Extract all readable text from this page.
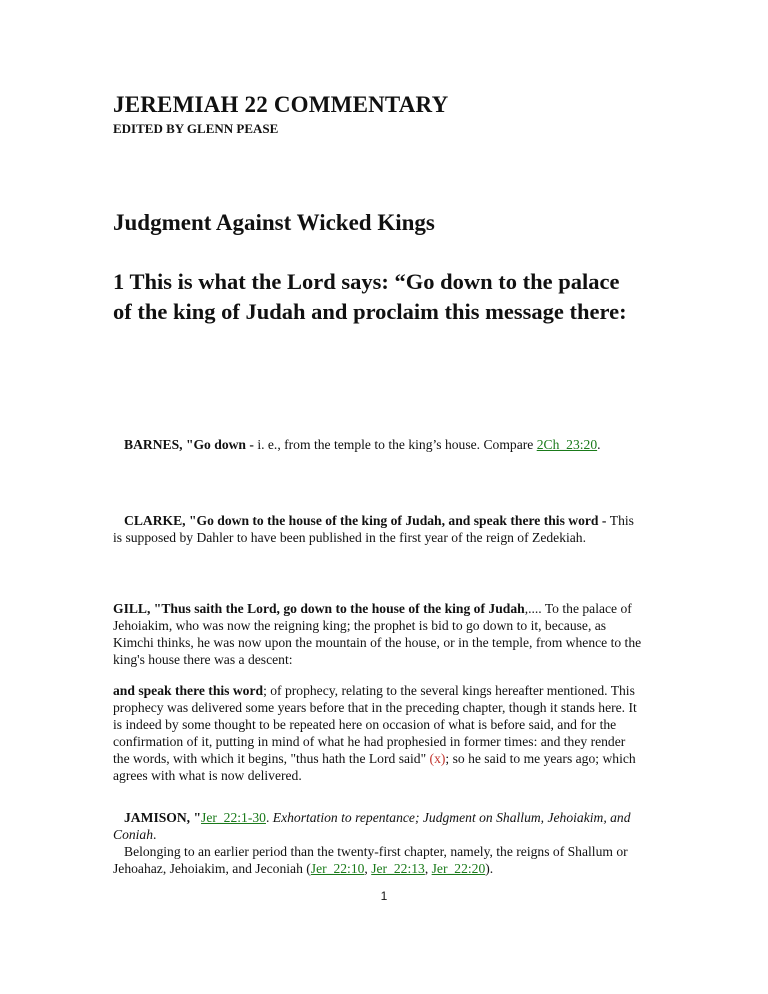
JEREMIAH 22 COMMENTARY
EDITED BY GLENN PEASE
Judgment Against Wicked Kings
1 This is what the Lord says: “Go down to the palace of the king of Judah and proclaim this message there:
BARNES, "Go down - i. e., from the temple to the king’s house. Compare 2Ch_23:20.
CLARKE, "Go down to the house of the king of Judah, and speak there this word - This is supposed by Dahler to have been published in the first year of the reign of Zedekiah.
GILL, "Thus saith the Lord, go down to the house of the king of Judah,.... To the palace of Jehoiakim, who was now the reigning king; the prophet is bid to go down to it, because, as Kimchi thinks, he was now upon the mountain of the house, or in the temple, from whence to the king's house there was a descent:
and speak there this word; of prophecy, relating to the several kings hereafter mentioned. This prophecy was delivered some years before that in the preceding chapter, though it stands here. It is indeed by some thought to be repeated here on occasion of what is before said, and for the confirmation of it, putting in mind of what he had prophesied in former times: and they render the words, with which it begins, "thus hath the Lord said" (x); so he said to me years ago; which agrees with what is now delivered.
JAMISON, "Jer_22:1-30. Exhortation to repentance; Judgment on Shallum, Jehoiakim, and Coniah.
Belonging to an earlier period than the twenty-first chapter, namely, the reigns of Shallum or Jehoahaz, Jehoiakim, and Jeconiah (Jer_22:10, Jer_22:13, Jer_22:20).
1
